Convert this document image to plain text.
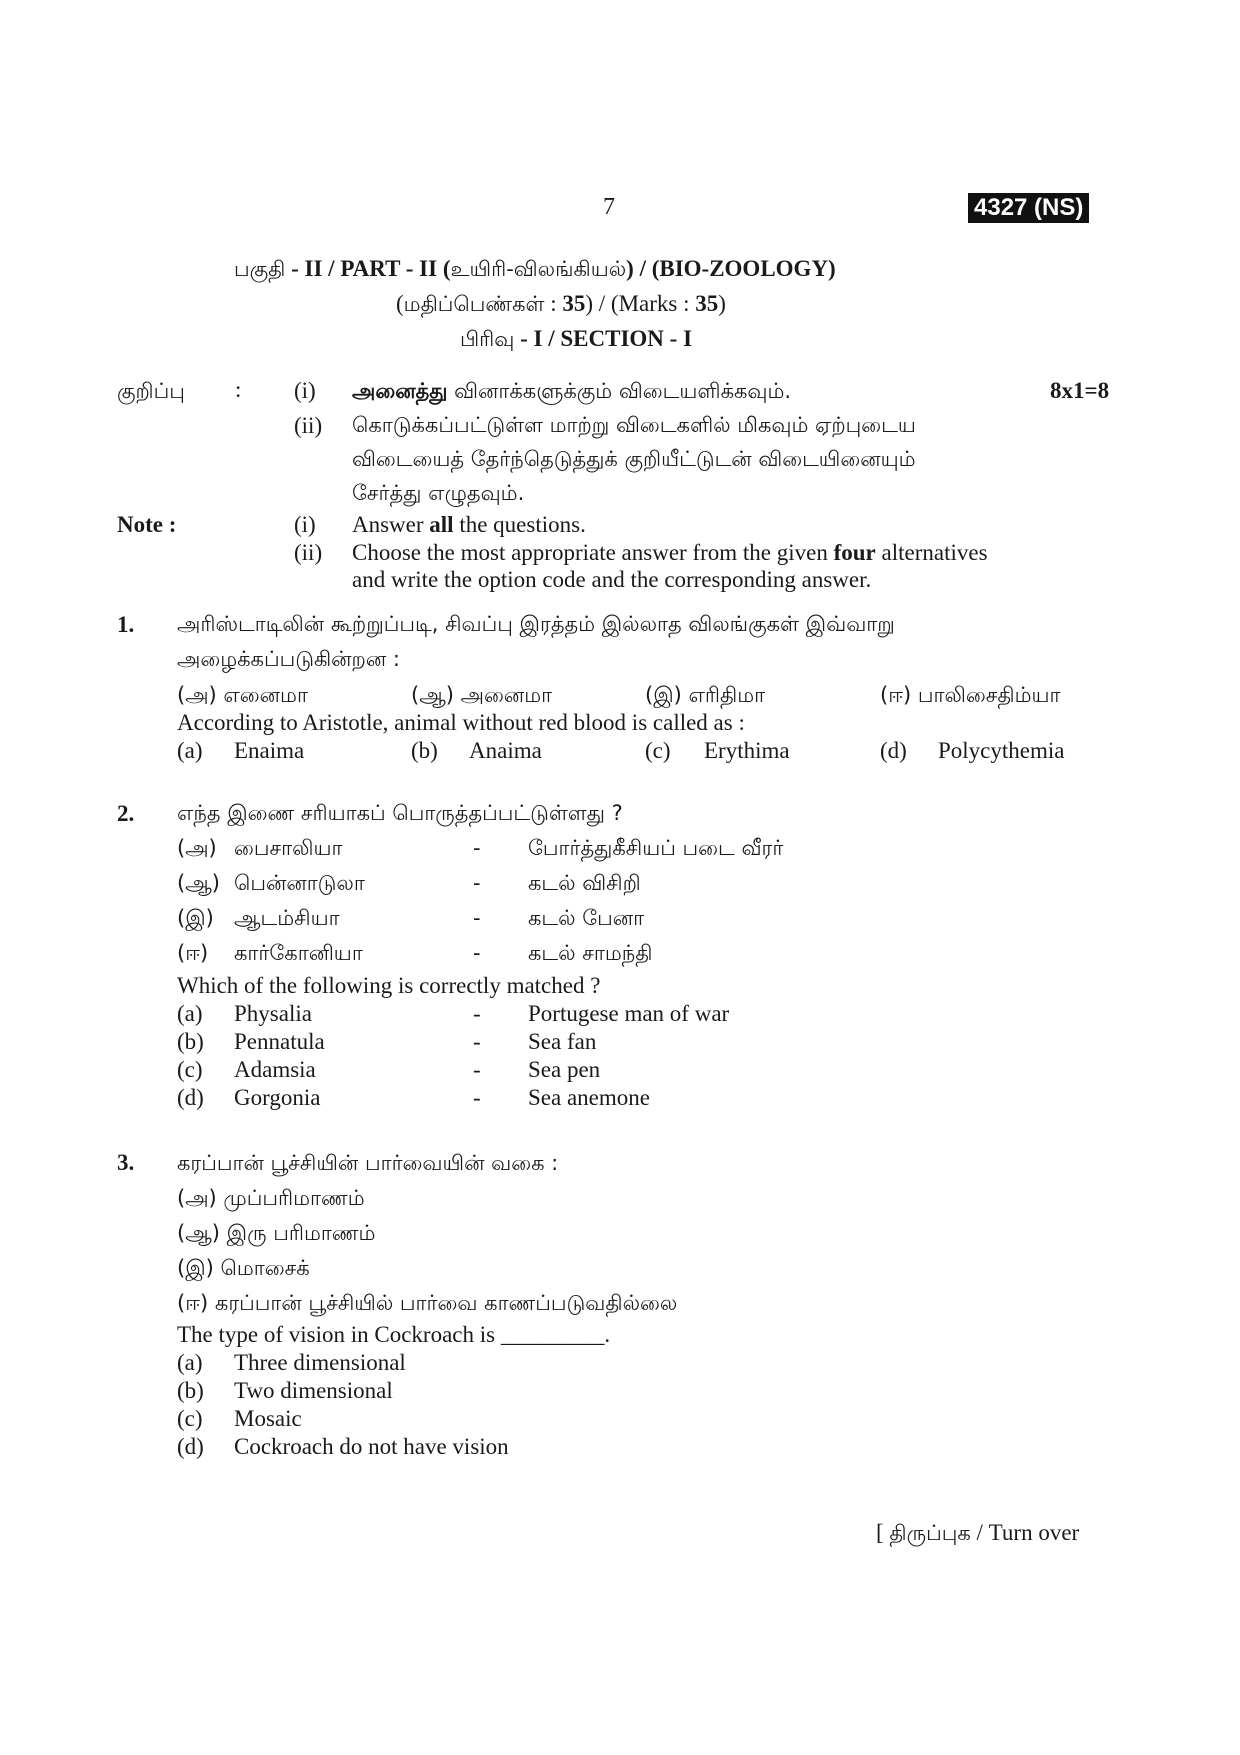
7	4327 (NS)
பகுதி - II / PART - II (உயிரி-விலங்கியல்) / (BIO-ZOOLOGY)
(மதிப்பெண்கள் : 35) / (Marks : 35)
பிரிவு - I / SECTION - I
குறிப்பு : (i) அனைத்து வினாக்களுக்கும் விடையளிக்கவும்.	8x1=8
(ii) கொடுக்கப்பட்டுள்ள மாற்று விடைகளில் மிகவும் ஏற்புடைய
விடையைத் தேர்ந்தெடுத்துக் குறியீட்டுடன் விடையினையும்
சேர்த்து எழுதவும்.
Note :	(i) Answer all the questions.
(ii) Choose the most appropriate answer from the given four alternatives
and write the option code and the corresponding answer.
1. அரிஸ்டாடிலின் கூற்றுப்படி, சிவப்பு இரத்தம் இல்லாத விலங்குகள் இவ்வாறு
அழைக்கப்படுகின்றன :
(அ) எனைமா	(ஆ) அனைமா	(இ) எரிதிமா	(ஈ) பாலிசைதிம்யா
According to Aristotle, animal without red blood is called as :
(a) Enaima	(b) Anaima	(c) Erythima	(d) Polycythemia
2. எந்த இணை சரியாகப் பொருத்தப்பட்டுள்ளது ?
(அ) பைசாலியா	- போர்த்துகீசியப் படை வீரர்
(ஆ) பென்னாடுலா	- கடல் விசிறி
(இ) ஆடம்சியா	- கடல் பேனா
(ஈ) கார்கோனியா	- கடல் சாமந்தி
Which of the following is correctly matched ?
(a) Physalia	- Portugese man of war
(b) Pennatula	- Sea fan
(c) Adamsia	- Sea pen
(d) Gorgonia	- Sea anemone
3. கரப்பான் பூச்சியின் பார்வையின் வகை :
(அ) முப்பரிமாணம்
(ஆ) இரு பரிமாணம்
(இ) மொசைக்
(ஈ) கரப்பான் பூச்சியில் பார்வை காணப்படுவதில்லை
The type of vision in Cockroach is _________.
(a) Three dimensional
(b) Two dimensional
(c) Mosaic
(d) Cockroach do not have vision
[ திருப்புக / Turn over
